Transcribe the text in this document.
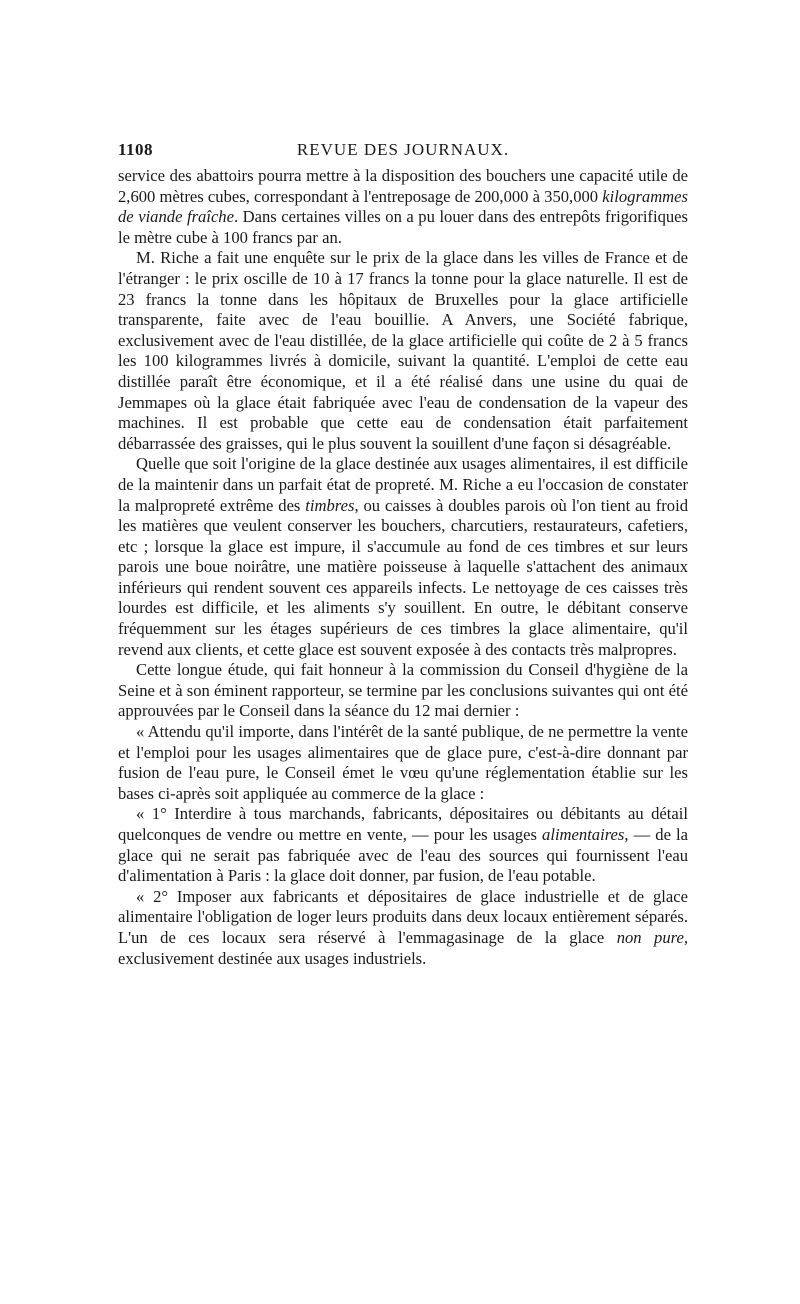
1108	REVUE DES JOURNAUX.

service des abattoirs pourra mettre à la disposition des bouchers une capacité utile de 2,600 mètres cubes, correspondant à l'entreposage de 200,000 à 350,000 kilogrammes de viande fraîche. Dans certaines villes on a pu louer dans des entrepôts frigorifiques le mètre cube à 100 francs par an.

M. Riche a fait une enquête sur le prix de la glace dans les villes de France et de l'étranger : le prix oscille de 10 à 17 francs la tonne pour la glace naturelle. Il est de 23 francs la tonne dans les hôpitaux de Bruxelles pour la glace artificielle transparente, faite avec de l'eau bouillie. A Anvers, une Société fabrique, exclusivement avec de l'eau distillée, de la glace artificielle qui coûte de 2 à 5 francs les 100 kilogrammes livrés à domicile, suivant la quantité. L'emploi de cette eau distillée paraît être économique, et il a été réalisé dans une usine du quai de Jemmapes où la glace était fabriquée avec l'eau de condensation de la vapeur des machines. Il est probable que cette eau de condensation était parfaitement débarrassée des graisses, qui le plus souvent la souillent d'une façon si désagréable.

Quelle que soit l'origine de la glace destinée aux usages alimentaires, il est difficile de la maintenir dans un parfait état de propreté. M. Riche a eu l'occasion de constater la malpropreté extrême des timbres, ou caisses à doubles parois où l'on tient au froid les matières que veulent conserver les bouchers, charcutiers, restaurateurs, cafetiers, etc ; lorsque la glace est impure, il s'accumule au fond de ces timbres et sur leurs parois une boue noirâtre, une matière poisseuse à laquelle s'attachent des animaux inférieurs qui rendent souvent ces appareils infects. Le nettoyage de ces caisses très lourdes est difficile, et les aliments s'y souillent. En outre, le débitant conserve fréquemment sur les étages supérieurs de ces timbres la glace alimentaire, qu'il revend aux clients, et cette glace est souvent exposée à des contacts très malpropres.

Cette longue étude, qui fait honneur à la commission du Conseil d'hygiène de la Seine et à son éminent rapporteur, se termine par les conclusions suivantes qui ont été approuvées par le Conseil dans la séance du 12 mai dernier :

« Attendu qu'il importe, dans l'intérêt de la santé publique, de ne permettre la vente et l'emploi pour les usages alimentaires que de glace pure, c'est-à-dire donnant par fusion de l'eau pure, le Conseil émet le vœu qu'une réglementation établie sur les bases ci-après soit appliquée au commerce de la glace :

« 1° Interdire à tous marchands, fabricants, dépositaires ou débitants au détail quelconques de vendre ou mettre en vente, — pour les usages alimentaires, — de la glace qui ne serait pas fabriquée avec de l'eau des sources qui fournissent l'eau d'alimentation à Paris : la glace doit donner, par fusion, de l'eau potable.

« 2° Imposer aux fabricants et dépositaires de glace industrielle et de glace alimentaire l'obligation de loger leurs produits dans deux locaux entièrement séparés. L'un de ces locaux sera réservé à l'emmagasinage de la glace non pure, exclusivement destinée aux usages industriels.
